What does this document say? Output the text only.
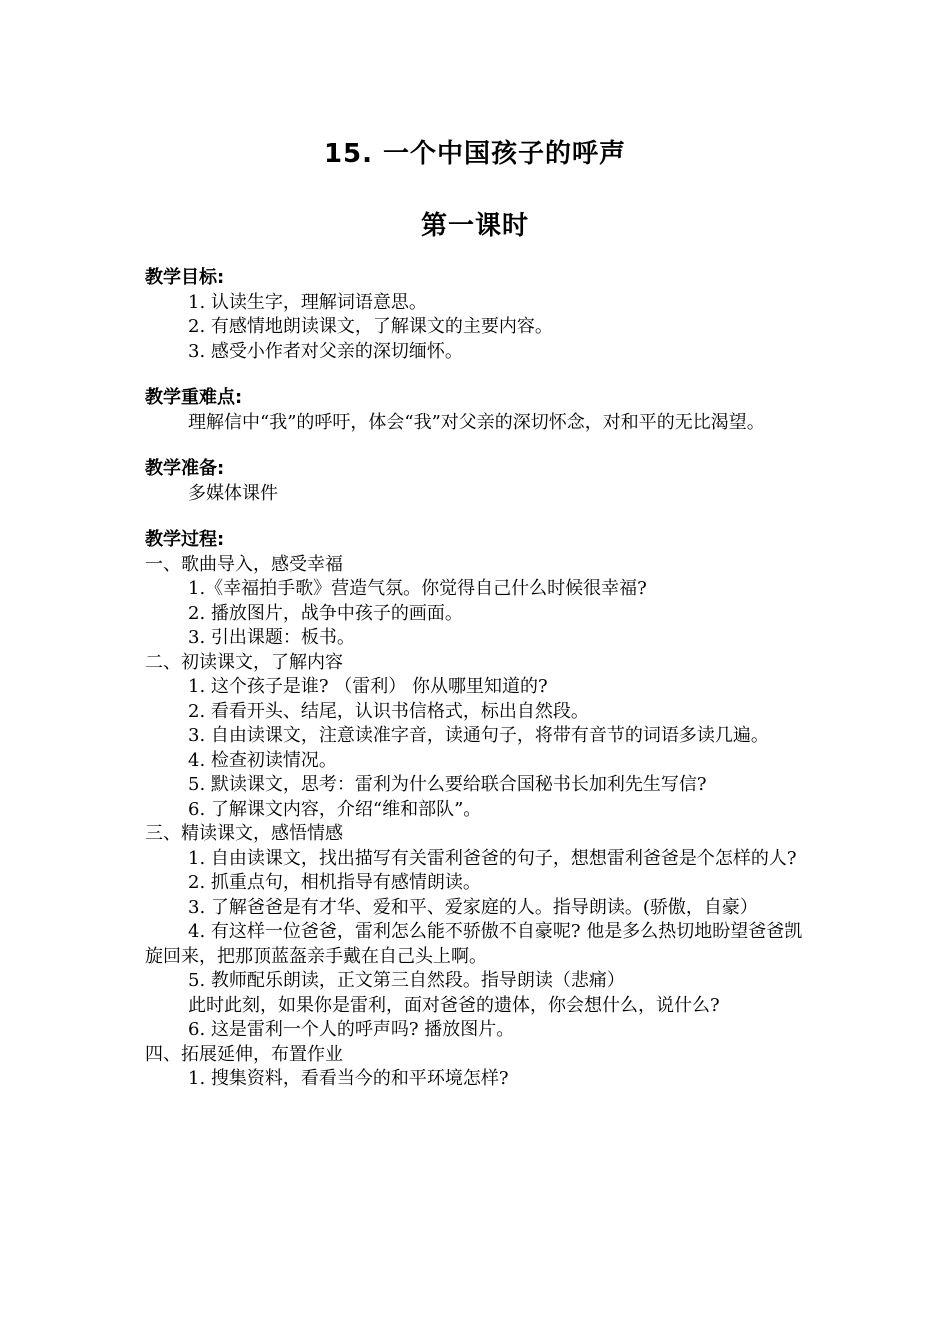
15. 一个中国孩子的呼声
第一课时
教学目标:

1. 认读生字，理解词语意思。

2. 有感情地朗读课文，了解课文的主要内容。

3. 感受小作者对父亲的深切缅怀。

教学重难点:

理解信中“我”的呼吁，体会“我”对父亲的深切怀念，对和平的无比渴望。

教学准备:

多媒体课件

教学过程:

一、歌曲导入，感受幸福

1.《幸福拍手歌》营造气氛。你觉得自己什么时候很幸福?

2. 播放图片，战争中孩子的画面。

3. 引出课题：板书。

二、初读课文，了解内容

1. 这个孩子是谁? （雷利） 你从哪里知道的?

2. 看看开头、结尾，认识书信格式，标出自然段。

3. 自由读课文，注意读准字音，读通句子，将带有音节的词语多读几遍。

4. 检查初读情况。

5. 默读课文，思考：雷利为什么要给联合国秘书长加利先生写信?

6. 了解课文内容，介绍“维和部队”。

三、精读课文，感悟情感

1. 自由读课文，找出描写有关雷利爸爸的句子，想想雷利爸爸是个怎样的人?

2. 抓重点句，相机指导有感情朗读。

3. 了解爸爸是有才华、爱和平、爱家庭的人。指导朗读。(骄傲，自豪）

4. 有这样一位爸爸，雷利怎么能不骄傲不自豪呢? 他是多么热切地盼望爸爸凯旋回来，把那顶蓝盔亲手戴在自己头上啊。

5. 教师配乐朗读，正文第三自然段。指导朗读（悲痛）

此时此刻，如果你是雷利，面对爸爸的遗体，你会想什么，说什么?

6. 这是雷利一个人的呼声吗? 播放图片。

四、拓展延伸，布置作业

1. 搜集资料，看看当今的和平环境怎样?
